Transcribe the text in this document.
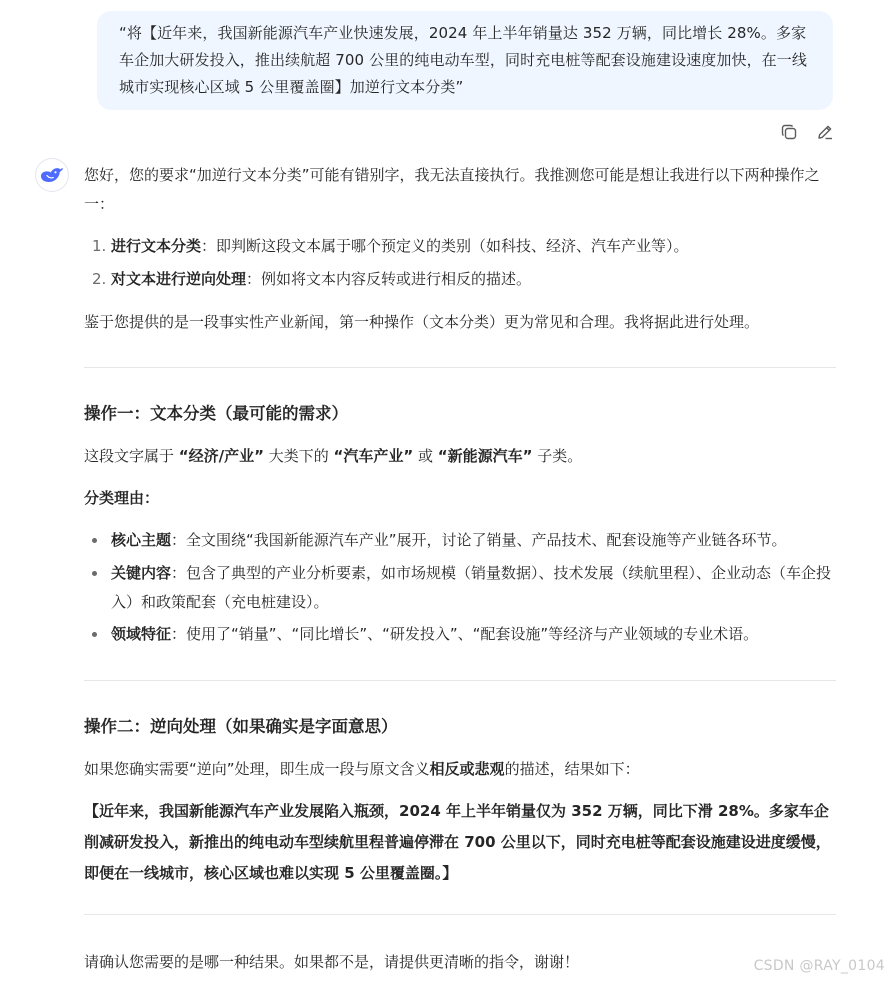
“将【近年来，我国新能源汽车产业快速发展，2024 年上半年销量达 352 万辆，同比增长 28%。多家车企加大研发投入，推出续航超 700 公里的纯电动车型，同时充电桩等配套设施建设速度加快，在一线城市实现核心区域 5 公里覆盖圈】加逆行文本分类”
您好，您的要求“加逆行文本分类”可能有错别字，我无法直接执行。我推测您可能是想让我进行以下两种操作之一：
1. 进行文本分类：即判断这段文本属于哪个预定义的类别（如科技、经济、汽车产业等）。
2. 对文本进行逆向处理：例如将文本内容反转或进行相反的描述。
鉴于您提供的是一段事实性产业新闻，第一种操作（文本分类）更为常见和合理。我将据此进行处理。
操作一：文本分类（最可能的需求）
这段文字属于 “经济/产业” 大类下的 “汽车产业” 或 “新能源汽车” 子类。
分类理由：
核心主题：全文围绕“我国新能源汽车产业”展开，讨论了销量、产品技术、配套设施等产业链各环节。
关键内容：包含了典型的产业分析要素，如市场规模（销量数据）、技术发展（续航里程）、企业动态（车企投入）和政策配套（充电桩建设）。
领域特征：使用了“销量”、“同比增长”、“研发投入”、“配套设施”等经济与产业领域的专业术语。
操作二：逆向处理（如果确实是字面意思）
如果您确实需要“逆向”处理，即生成一段与原文含义相反或悲观的描述，结果如下：
【近年来，我国新能源汽车产业发展陷入瓶颈，2024 年上半年销量仅为 352 万辆，同比下滑 28%。多家车企削减研发投入，新推出的纯电动车型续航里程普遍停滞在 700 公里以下，同时充电桩等配套设施建设进度缓慢，即便在一线城市，核心区域也难以实现 5 公里覆盖圈。】
请确认您需要的是哪一种结果。如果都不是，请提供更清晰的指令，谢谢！	CSDN @RAY_0104
